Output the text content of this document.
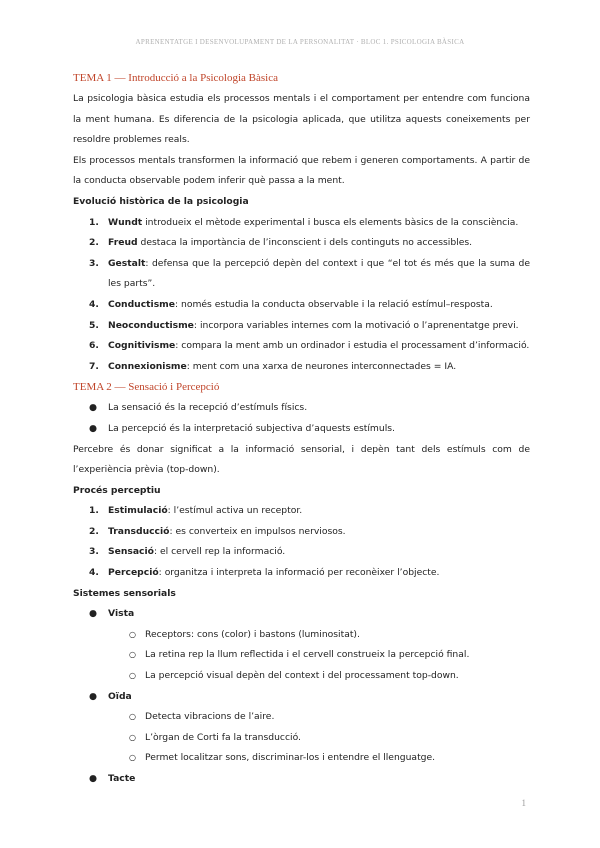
APRENENTATGE I DESENVOLUPAMENT DE LA PERSONALITAT · BLOC 1. PSICOLOGIA BÀSICA
TEMA 1 — Introducció a la Psicologia Bàsica
La psicologia bàsica estudia els processos mentals i el comportament per entendre com funciona la ment humana. Es diferencia de la psicologia aplicada, que utilitza aquests coneixements per resoldre problemes reals.
Els processos mentals transformen la informació que rebem i generen comportaments. A partir de la conducta observable podem inferir què passa a la ment.
Evolució històrica de la psicologia
1. Wundt introdueix el mètode experimental i busca els elements bàsics de la consciència.
2. Freud destaca la importància de l’inconscient i dels continguts no accessibles.
3. Gestalt: defensa que la percepció depèn del context i que “el tot és més que la suma de les parts”.
4. Conductisme: només estudia la conducta observable i la relació estímul–resposta.
5. Neoconductisme: incorpora variables internes com la motivació o l’aprenentatge previ.
6. Cognitivisme: compara la ment amb un ordinador i estudia el processament d’informació.
7. Connexionisme: ment com una xarxa de neurones interconnectades = IA.
TEMA 2 — Sensació i Percepció
● La sensació és la recepció d’estímuls físics.
● La percepció és la interpretació subjectiva d’aquests estímuls.
Percebre és donar significat a la informació sensorial, i depèn tant dels estímuls com de l’experiència prèvia (top-down).
Procés perceptiu
1. Estimulació: l’estímul activa un receptor.
2. Transducció: es converteix en impulsos nerviosos.
3. Sensació: el cervell rep la informació.
4. Percepció: organitza i interpreta la informació per reconèixer l’objecte.
Sistemes sensorials
● Vista
○ Receptors: cons (color) i bastons (luminositat).
○ La retina rep la llum reflectida i el cervell construeix la percepció final.
○ La percepció visual depèn del context i del processament top-down.
● Oïda
○ Detecta vibracions de l’aire.
○ L’òrgan de Corti fa la transducció.
○ Permet localitzar sons, discriminar-los i entendre el llenguatge.
● Tacte
1
